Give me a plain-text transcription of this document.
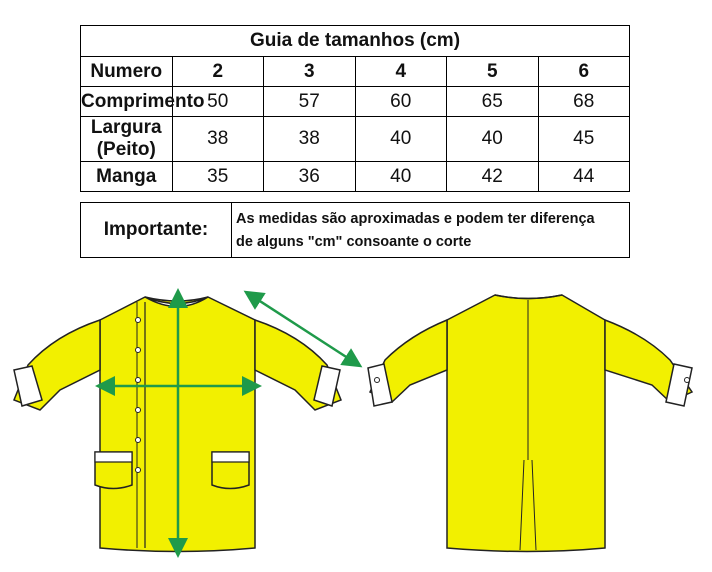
Guia de tamanhos (cm)					
Numero	2	3	4	5	6
Comprimento	50	57	60	65	68
Largura (Peito)	38	38	40	40	45
Manga	35	36	40	42	44
Importante:	As medidas são aproximadas e podem ter diferença
de alguns "cm" consoante o corte
